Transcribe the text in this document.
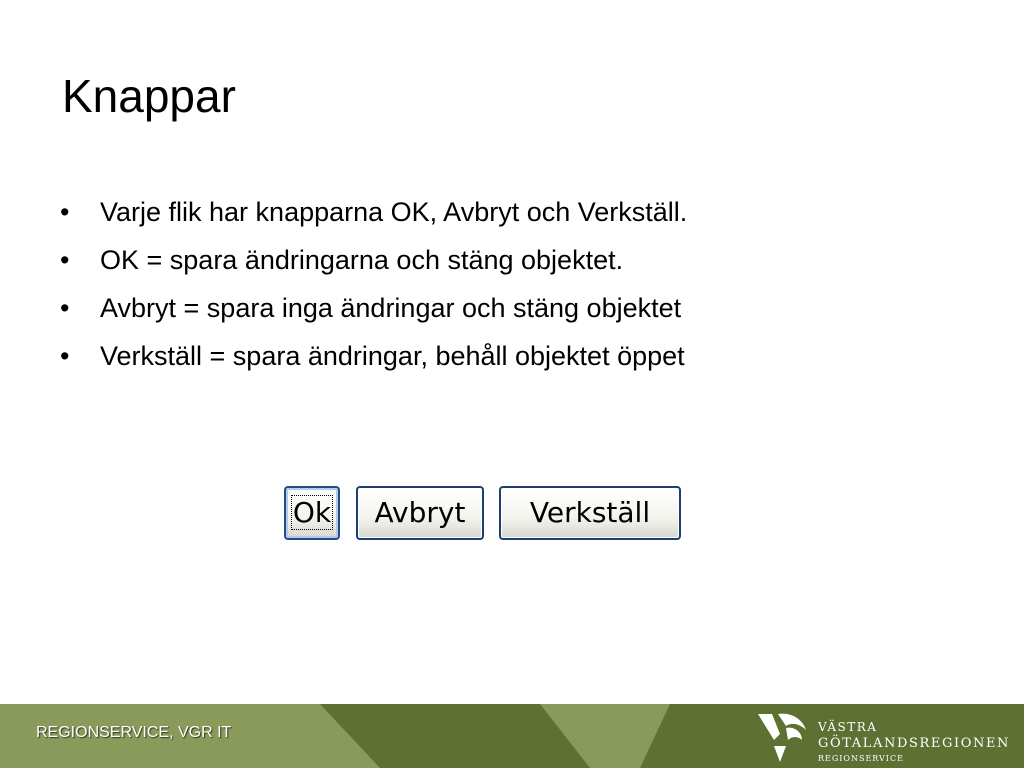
Knappar
• Varje flik har knapparna OK, Avbryt och Verkställ.
• OK = spara ändringarna och stäng objektet.
• Avbryt = spara inga ändringar och stäng objektet
• Verkställ = spara ändringar, behåll objektet öppet
Ok	Avbryt	Verkställ
REGIONSERVICE, VGR IT	VÄSTRA
GÖTALANDSREGIONEN
REGIONSERVICE
